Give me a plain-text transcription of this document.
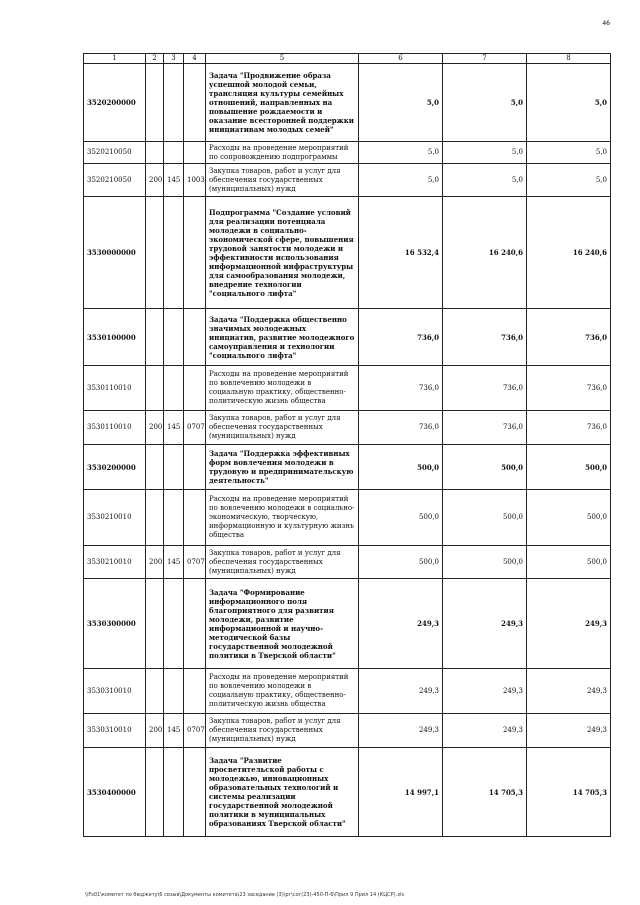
· · · · · ·
46
1	2	3	4	5	6	7	8
3520200000				Задача "Продвижение образа успешной молодой семьи, трансляция культуры семейных отношений, направленных на повышение рождаемости и оказание всесторонней поддержки инициативам молодых семей"	5,0	5,0	5,0
3520210050				Расходы на проведение мероприятий по сопровождению подпрограммы	5,0	5,0	5,0
3520210050	200	145	1003	Закупка товаров, работ и услуг для обеспечения государственных (муниципальных) нужд	5,0	5,0	5,0
3530000000				Подпрограмма "Создание условий для реализации потенциала молодежи в социально-экономической сфере, повышения трудовой занятости молодежи и эффективности использования информационной инфраструктуры для самообразования молодежи, внедрение технологии "социального лифта"	16 532,4	16 240,6	16 240,6
3530100000				Задача "Поддержка общественно значимых молодежных инициатив, развитие молодежного самоуправления и технологии "социального лифта"	736,0	736,0	736,0
3530110010				Расходы на проведение мероприятий по вовлечению молодежи в социальную практику, общественно-политическую жизнь общества	736,0	736,0	736,0
3530110010	200	145	0707	Закупка товаров, работ и услуг для обеспечения государственных (муниципальных) нужд	736,0	736,0	736,0
3530200000				Задача "Поддержка эффективных форм вовлечения молодежи в трудовую и предпринимательскую деятельность"	500,0	500,0	500,0
3530210010				Расходы на проведение мероприятий по вовлечению молодежи в социально-экономическую, творческую, информационную и культурную жизнь общества	500,0	500,0	500,0
3530210010	200	145	0707	Закупка товаров, работ и услуг для обеспечения государственных (муниципальных) нужд	500,0	500,0	500,0
3530300000				Задача "Формирование информационного поля благоприятного для развития молодежи, развитие информационной и научно-методической базы государственной молодежной политики в Тверской области"	249,3	249,3	249,3
3530310010				Расходы на проведение мероприятий по вовлечению молодежи в социальную практику, общественно-политическую жизнь общества	249,3	249,3	249,3
3530310010	200	145	0707	Закупка товаров, работ и услуг для обеспечения государственных (муниципальных) нужд	249,3	249,3	249,3
3530400000				Задача "Развитие просветительской работы с молодежью, инновационных образовательных технологий и системы реализации государственной молодежной политики в муниципальных образованиях Тверской области"	14 997,1	14 705,3	14 705,3
\\Fs01\комитет по бюджету\6 созыв\Документы комитета\23 заседание (3)\рг\сог(23)-450-П-6\Прил 9 Прил 14 (КЦСР).xls
